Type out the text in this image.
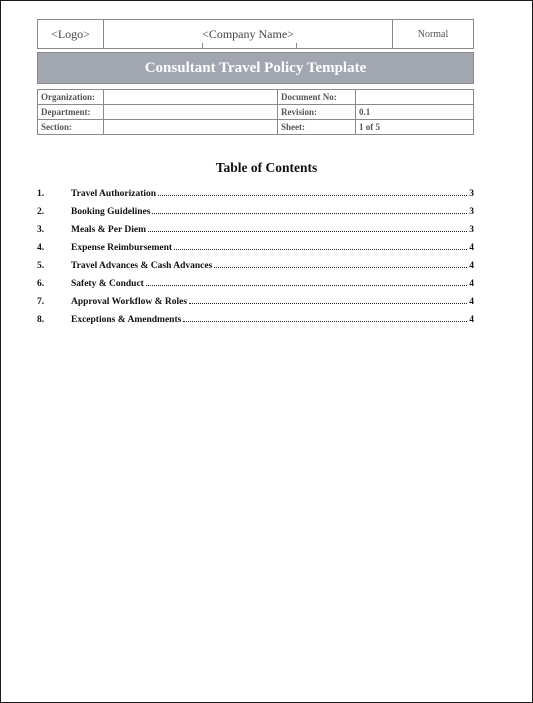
<Logo>	<Company Name>	Normal
Consultant Travel Policy Template
Organization:		Document No:	
Department:		Revision:	0.1
Section:		Sheet:	1 of 5
Table of Contents
1.	Travel Authorization	3
2.	Booking Guidelines	3
3.	Meals & Per Diem	3
4.	Expense Reimbursement	4
5.	Travel Advances & Cash Advances	4
6.	Safety & Conduct	4
7.	Approval Workflow & Roles	4
8.	Exceptions & Amendments	4
